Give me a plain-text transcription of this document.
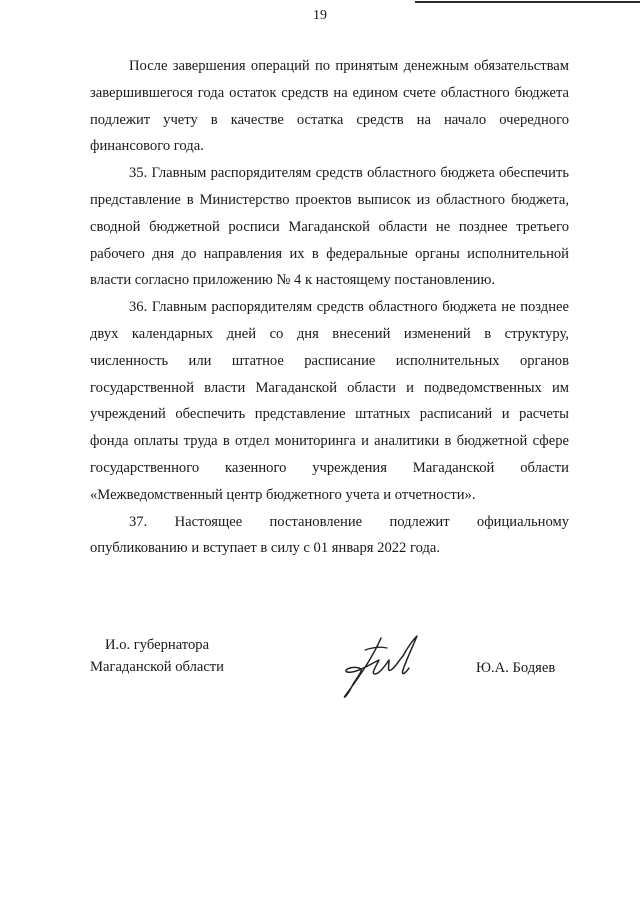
19

После завершения операций по принятым денежным обязательствам завершившегося года остаток средств на едином счете областного бюджета подлежит учету в качестве остатка средств на начало очередного финансового года.

35. Главным распорядителям средств областного бюджета обеспечить представление в Министерство проектов выписок из областного бюджета, сводной бюджетной росписи Магаданской области не позднее третьего рабочего дня до направления их в федеральные органы исполнительной власти согласно приложению № 4 к настоящему постановлению.

36. Главным распорядителям средств областного бюджета не позднее двух календарных дней со дня внесений изменений в структуру, численность или штатное расписание исполнительных органов государственной власти Магаданской области и подведомственных им учреждений обеспечить представление штатных расписаний и расчеты фонда оплаты труда в отдел мониторинга и аналитики в бюджетной сфере государственного казенного учреждения Магаданской области «Межведомственный центр бюджетного учета и отчетности».

37. Настоящее постановление подлежит официальному опубликованию и вступает в силу с 01 января 2022 года.

И.о. губернатора
Магаданской области	Ю.А. Бодяев
